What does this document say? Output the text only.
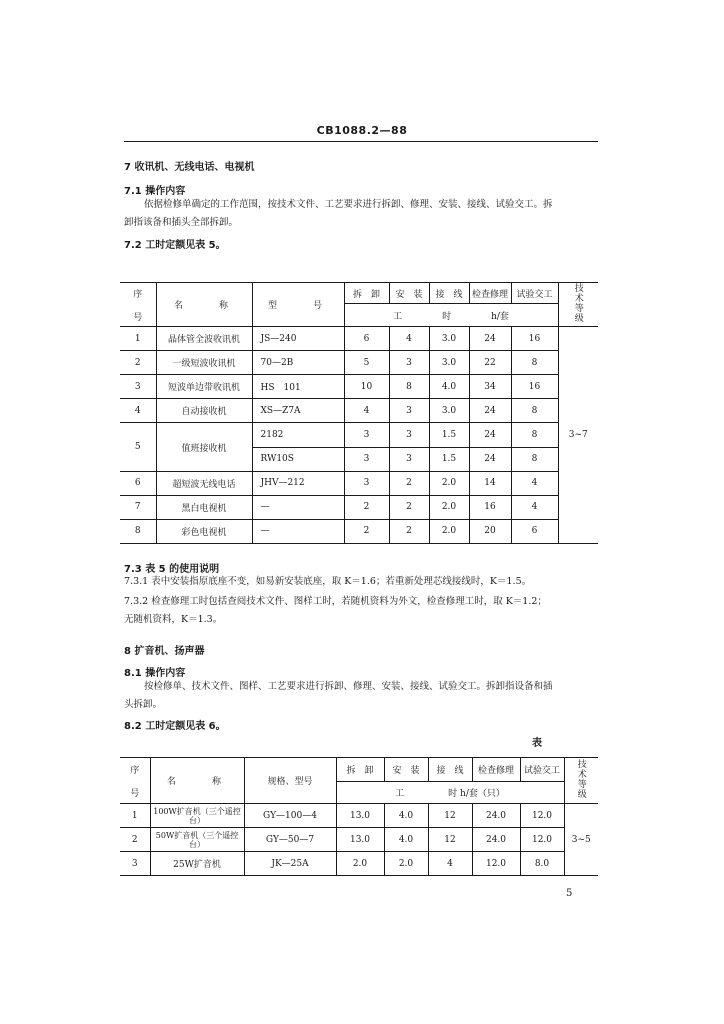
CB1088.2—88
7 收讯机、无线电话、电视机
7.1 操作内容
依据检修单确定的工作范围，按技术文件、工艺要求进行拆卸、修理、安装、接线、试验交工。拆
卸指该备和插头全部拆卸。
7.2 工时定额见表 5。
序

号	名　　称	型　　号	拆　卸	安　装	接　线	检查修理	试验交工	技术等级
			工 时 h/套					
1	晶体管全波收讯机	JS—240	6	4	3.0	24	16	3~7
2	一级短波收讯机	70—2B	5	3	3.0	22	8	
3	短波单边带收讯机	HS　101	10	8	4.0	34	16	
4	自动接收机	XS—Z7A	4	3	3.0	24	8	
5	值班接收机	2182	3	3	1.5	24	8	
		RW10S	3	3	1.5	24	8	
6	超短波无线电话	JHV—212	3	2	2.0	14	4	
7	黑白电视机	—	2	2	2.0	16	4	
8	彩色电视机	—	2	2	2.0	20	6	
7.3 表 5 的使用说明
7.3.1 表中安装指原底座不变，如易新安装底座，取 K＝1.6；若重新处理芯线接线时，K＝1.5。
7.3.2 检查修理工时包括查阅技术文件、图样工时，若随机资料为外文，检查修理工时，取 K＝1.2；
无随机资料，K＝1.3。
8 扩音机、扬声器
8.1 操作内容
按检修单、技术文件、图样、工艺要求进行拆卸、修理、安装、接线、试验交工。拆卸指设备和插
头拆卸。
8.2 工时定额见表 6。
表
序

号	名　　称	规格、型号	拆　卸	安　装	接　线	检查修理	试验交工	技术等级
			工 时 h/套（只）					
1	100W扩音机（三个遥控台）	GY—100—4	13.0	4.0	12	24.0	12.0	3~5
2	50W扩音机（三个遥控台）	GY—50—7	13.0	4.0	12	24.0	12.0	
3	25W扩音机	JK—25A	2.0	2.0	4	12.0	8.0	
5
